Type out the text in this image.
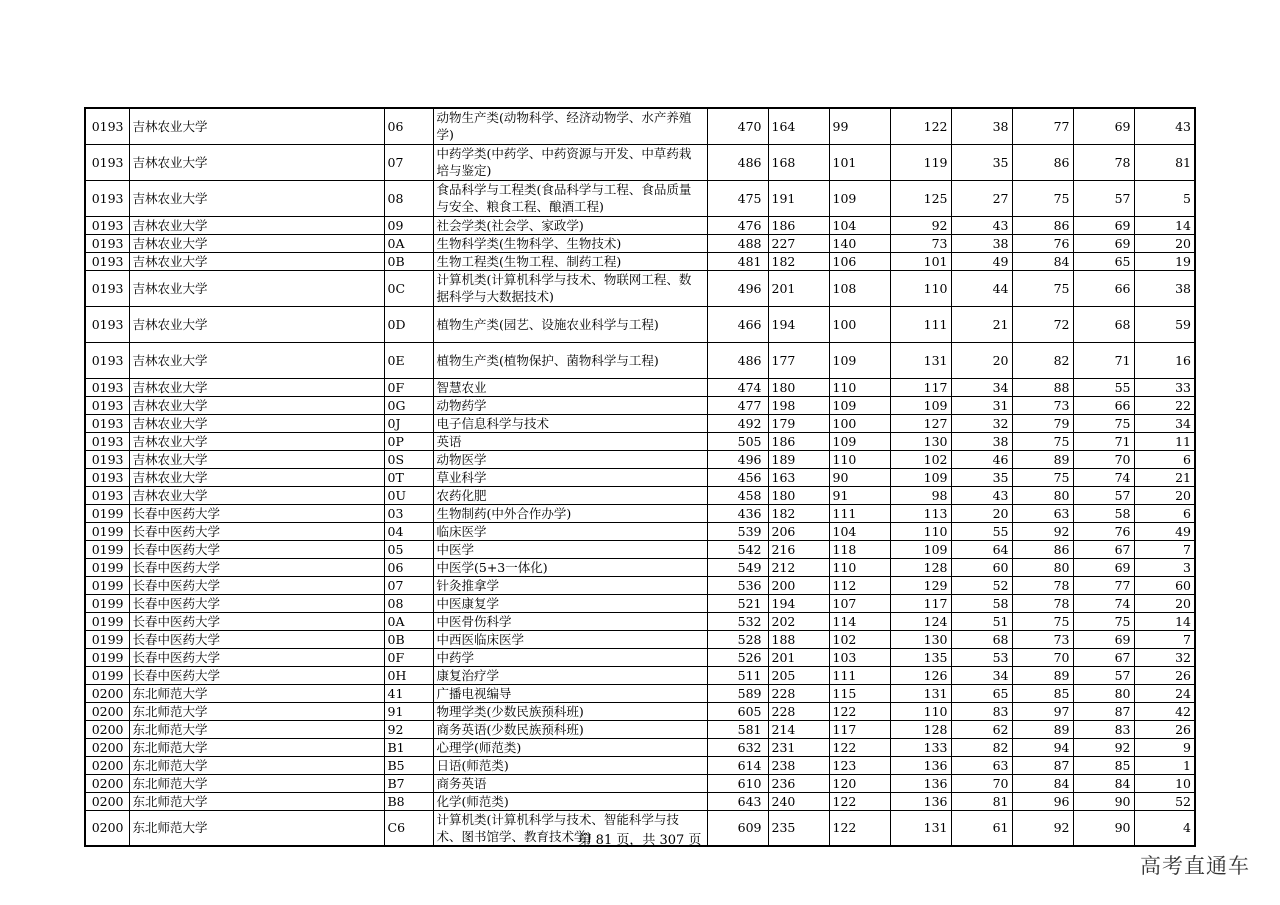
0193	吉林农业大学	06	动物生产类(动物科学、经济动物学、水产养殖学)	470	164	99	122	38	77	69	43
0193	吉林农业大学	07	中药学类(中药学、中药资源与开发、中草药栽培与鉴定)	486	168	101	119	35	86	78	81
0193	吉林农业大学	08	食品科学与工程类(食品科学与工程、食品质量与安全、粮食工程、酿酒工程)	475	191	109	125	27	75	57	5
0193	吉林农业大学	09	社会学类(社会学、家政学)	476	186	104	92	43	86	69	14
0193	吉林农业大学	0A	生物科学类(生物科学、生物技术)	488	227	140	73	38	76	69	20
0193	吉林农业大学	0B	生物工程类(生物工程、制药工程)	481	182	106	101	49	84	65	19
0193	吉林农业大学	0C	计算机类(计算机科学与技术、物联网工程、数据科学与大数据技术)	496	201	108	110	44	75	66	38
0193	吉林农业大学	0D	植物生产类(园艺、设施农业科学与工程)	466	194	100	111	21	72	68	59
0193	吉林农业大学	0E	植物生产类(植物保护、菌物科学与工程)	486	177	109	131	20	82	71	16
0193	吉林农业大学	0F	智慧农业	474	180	110	117	34	88	55	33
0193	吉林农业大学	0G	动物药学	477	198	109	109	31	73	66	22
0193	吉林农业大学	0J	电子信息科学与技术	492	179	100	127	32	79	75	34
0193	吉林农业大学	0P	英语	505	186	109	130	38	75	71	11
0193	吉林农业大学	0S	动物医学	496	189	110	102	46	89	70	6
0193	吉林农业大学	0T	草业科学	456	163	90	109	35	75	74	21
0193	吉林农业大学	0U	农药化肥	458	180	91	98	43	80	57	20
0199	长春中医药大学	03	生物制药(中外合作办学)	436	182	111	113	20	63	58	6
0199	长春中医药大学	04	临床医学	539	206	104	110	55	92	76	49
0199	长春中医药大学	05	中医学	542	216	118	109	64	86	67	7
0199	长春中医药大学	06	中医学(5+3一体化)	549	212	110	128	60	80	69	3
0199	长春中医药大学	07	针灸推拿学	536	200	112	129	52	78	77	60
0199	长春中医药大学	08	中医康复学	521	194	107	117	58	78	74	20
0199	长春中医药大学	0A	中医骨伤科学	532	202	114	124	51	75	75	14
0199	长春中医药大学	0B	中西医临床医学	528	188	102	130	68	73	69	7
0199	长春中医药大学	0F	中药学	526	201	103	135	53	70	67	32
0199	长春中医药大学	0H	康复治疗学	511	205	111	126	34	89	57	26
0200	东北师范大学	41	广播电视编导	589	228	115	131	65	85	80	24
0200	东北师范大学	91	物理学类(少数民族预科班)	605	228	122	110	83	97	87	42
0200	东北师范大学	92	商务英语(少数民族预科班)	581	214	117	128	62	89	83	26
0200	东北师范大学	B1	心理学(师范类)	632	231	122	133	82	94	92	9
0200	东北师范大学	B5	日语(师范类)	614	238	123	136	63	87	85	1
0200	东北师范大学	B7	商务英语	610	236	120	136	70	84	84	10
0200	东北师范大学	B8	化学(师范类)	643	240	122	136	81	96	90	52
0200	东北师范大学	C6	计算机类(计算机科学与技术、智能科学与技术、图书馆学、教育技术学)	609	235	122	131	61	92	90	4
第 81 页，共 307 页
高考直通车
